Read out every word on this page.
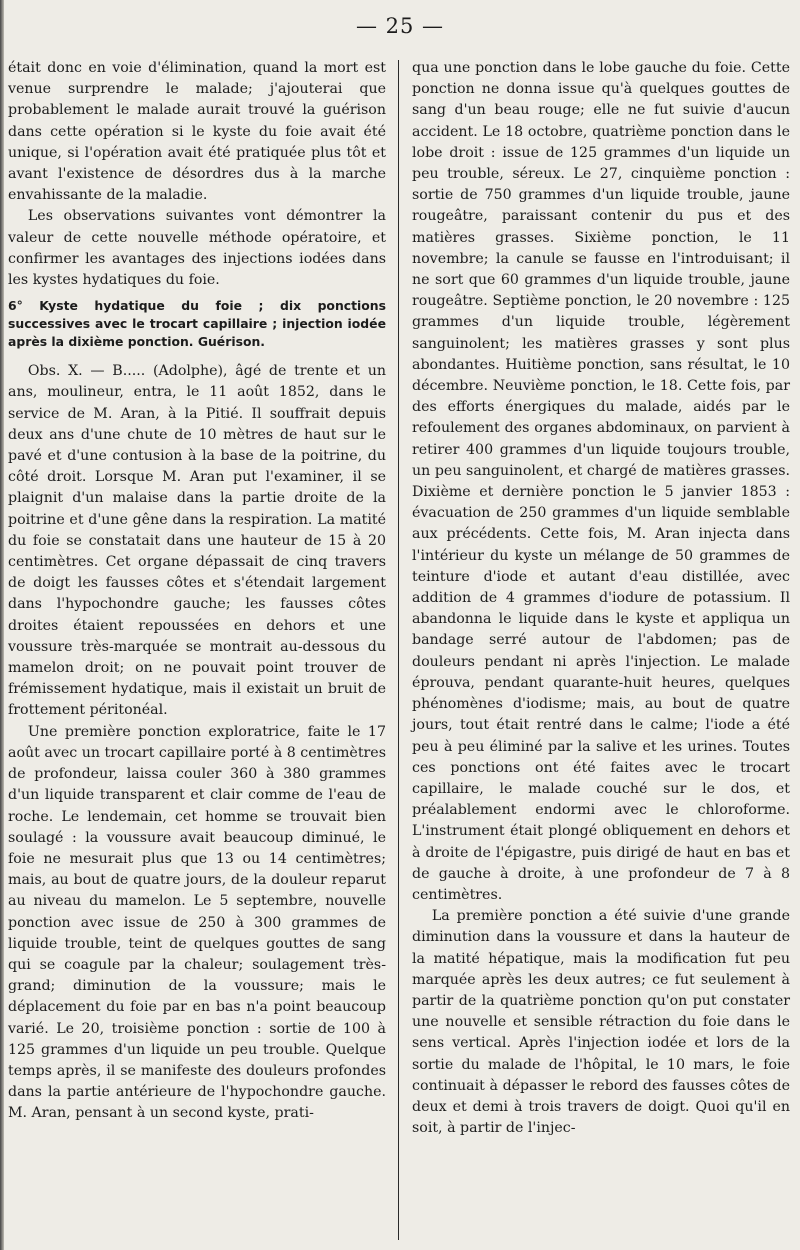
— 25 —

était donc en voie d'élimination, quand la mort est venue surprendre le malade; j'ajouterai que probablement le malade aurait trouvé la guérison dans cette opération si le kyste du foie avait été unique, si l'opération avait été pratiquée plus tôt et avant l'existence de désordres dus à la marche envahissante de la maladie.

Les observations suivantes vont démontrer la valeur de cette nouvelle méthode opératoire, et confirmer les avantages des injections iodées dans les kystes hydatiques du foie.

6° Kyste hydatique du foie ; dix ponctions successives avec le trocart capillaire ; injection iodée après la dixième ponction. Guérison.

Obs. X. — B..... (Adolphe), âgé de trente et un ans, moulineur, entra, le 11 août 1852, dans le service de M. Aran, à la Pitié. Il souffrait depuis deux ans d'une chute de 10 mètres de haut sur le pavé et d'une contusion à la base de la poitrine, du côté droit. Lorsque M. Aran put l'examiner, il se plaignit d'un malaise dans la partie droite de la poitrine et d'une gêne dans la respiration. La matité du foie se constatait dans une hauteur de 15 à 20 centimètres. Cet organe dépassait de cinq travers de doigt les fausses côtes et s'étendait largement dans l'hypochondre gauche; les fausses côtes droites étaient repoussées en dehors et une voussure très-marquée se montrait au-dessous du mamelon droit; on ne pouvait point trouver de frémissement hydatique, mais il existait un bruit de frottement péritonéal.

Une première ponction exploratrice, faite le 17 août avec un trocart capillaire porté à 8 centimètres de profondeur, laissa couler 360 à 380 grammes d'un liquide transparent et clair comme de l'eau de roche. Le lendemain, cet homme se trouvait bien soulagé : la voussure avait beaucoup diminué, le foie ne mesurait plus que 13 ou 14 centimètres; mais, au bout de quatre jours, de la douleur reparut au niveau du mamelon. Le 5 septembre, nouvelle ponction avec issue de 250 à 300 grammes de liquide trouble, teint de quelques gouttes de sang qui se coagule par la chaleur; soulagement très-grand; diminution de la voussure; mais le déplacement du foie par en bas n'a point beaucoup varié. Le 20, troisième ponction : sortie de 100 à 125 grammes d'un liquide un peu trouble. Quelque temps après, il se manifeste des douleurs profondes dans la partie antérieure de l'hypochondre gauche. M. Aran, pensant à un second kyste, prati-

qua une ponction dans le lobe gauche du foie. Cette ponction ne donna issue qu'à quelques gouttes de sang d'un beau rouge; elle ne fut suivie d'aucun accident. Le 18 octobre, quatrième ponction dans le lobe droit : issue de 125 grammes d'un liquide un peu trouble, séreux. Le 27, cinquième ponction : sortie de 750 grammes d'un liquide trouble, jaune rougeâtre, paraissant contenir du pus et des matières grasses. Sixième ponction, le 11 novembre; la canule se fausse en l'introduisant; il ne sort que 60 grammes d'un liquide trouble, jaune rougeâtre. Septième ponction, le 20 novembre : 125 grammes d'un liquide trouble, légèrement sanguinolent; les matières grasses y sont plus abondantes. Huitième ponction, sans résultat, le 10 décembre. Neuvième ponction, le 18. Cette fois, par des efforts énergiques du malade, aidés par le refoulement des organes abdominaux, on parvient à retirer 400 grammes d'un liquide toujours trouble, un peu sanguinolent, et chargé de matières grasses. Dixième et dernière ponction le 5 janvier 1853 : évacuation de 250 grammes d'un liquide semblable aux précédents. Cette fois, M. Aran injecta dans l'intérieur du kyste un mélange de 50 grammes de teinture d'iode et autant d'eau distillée, avec addition de 4 grammes d'iodure de potassium. Il abandonna le liquide dans le kyste et appliqua un bandage serré autour de l'abdomen; pas de douleurs pendant ni après l'injection. Le malade éprouva, pendant quarante-huit heures, quelques phénomènes d'iodisme; mais, au bout de quatre jours, tout était rentré dans le calme; l'iode a été peu à peu éliminé par la salive et les urines. Toutes ces ponctions ont été faites avec le trocart capillaire, le malade couché sur le dos, et préalablement endormi avec le chloroforme. L'instrument était plongé obliquement en dehors et à droite de l'épigastre, puis dirigé de haut en bas et de gauche à droite, à une profondeur de 7 à 8 centimètres.

La première ponction a été suivie d'une grande diminution dans la voussure et dans la hauteur de la matité hépatique, mais la modification fut peu marquée après les deux autres; ce fut seulement à partir de la quatrième ponction qu'on put constater une nouvelle et sensible rétraction du foie dans le sens vertical. Après l'injection iodée et lors de la sortie du malade de l'hôpital, le 10 mars, le foie continuait à dépasser le rebord des fausses côtes de deux et demi à trois travers de doigt. Quoi qu'il en soit, à partir de l'injec-
